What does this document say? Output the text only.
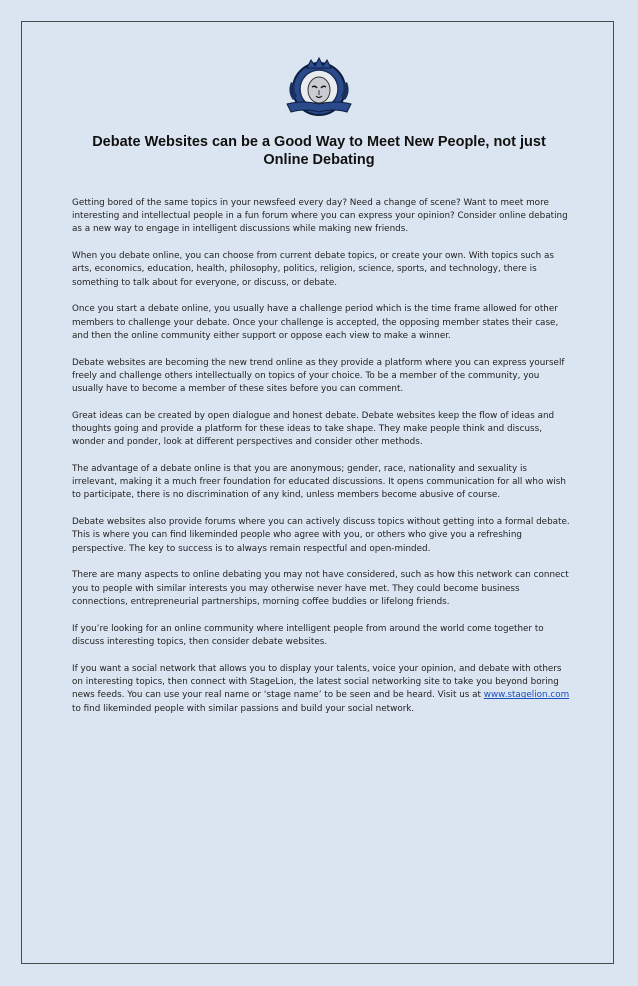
Debate Websites can be a Good Way to Meet New People, not just Online Debating

Getting bored of the same topics in your newsfeed every day? Need a change of scene? Want to meet more interesting and intellectual people in a fun forum where you can express your opinion? Consider online debating as a new way to engage in intelligent discussions while making new friends.

When you debate online, you can choose from current debate topics, or create your own. With topics such as arts, economics, education, health, philosophy, politics, religion, science, sports, and technology, there is something to talk about for everyone, or discuss, or debate.

Once you start a debate online, you usually have a challenge period which is the time frame allowed for other members to challenge your debate. Once your challenge is accepted, the opposing member states their case, and then the online community either support or oppose each view to make a winner.

Debate websites are becoming the new trend online as they provide a platform where you can express yourself freely and challenge others intellectually on topics of your choice. To be a member of the community, you usually have to become a member of these sites before you can comment.

Great ideas can be created by open dialogue and honest debate. Debate websites keep the flow of ideas and thoughts going and provide a platform for these ideas to take shape. They make people think and discuss, wonder and ponder, look at different perspectives and consider other methods.

The advantage of a debate online is that you are anonymous; gender, race, nationality and sexuality is irrelevant, making it a much freer foundation for educated discussions. It opens communication for all who wish to participate, there is no discrimination of any kind, unless members become abusive of course.

Debate websites also provide forums where you can actively discuss topics without getting into a formal debate. This is where you can find likeminded people who agree with you, or others who give you a refreshing perspective. The key to success is to always remain respectful and open-minded.

There are many aspects to online debating you may not have considered, such as how this network can connect you to people with similar interests you may otherwise never have met. They could become business connections, entrepreneurial partnerships, morning coffee buddies or lifelong friends.

If you’re looking for an online community where intelligent people from around the world come together to discuss interesting topics, then consider debate websites.

If you want a social network that allows you to display your talents, voice your opinion, and debate with others on interesting topics, then connect with StageLion, the latest social networking site to take you beyond boring news feeds. You can use your real name or ‘stage name’ to be seen and be heard. Visit us at www.stagelion.com to find likeminded people with similar passions and build your social network.
